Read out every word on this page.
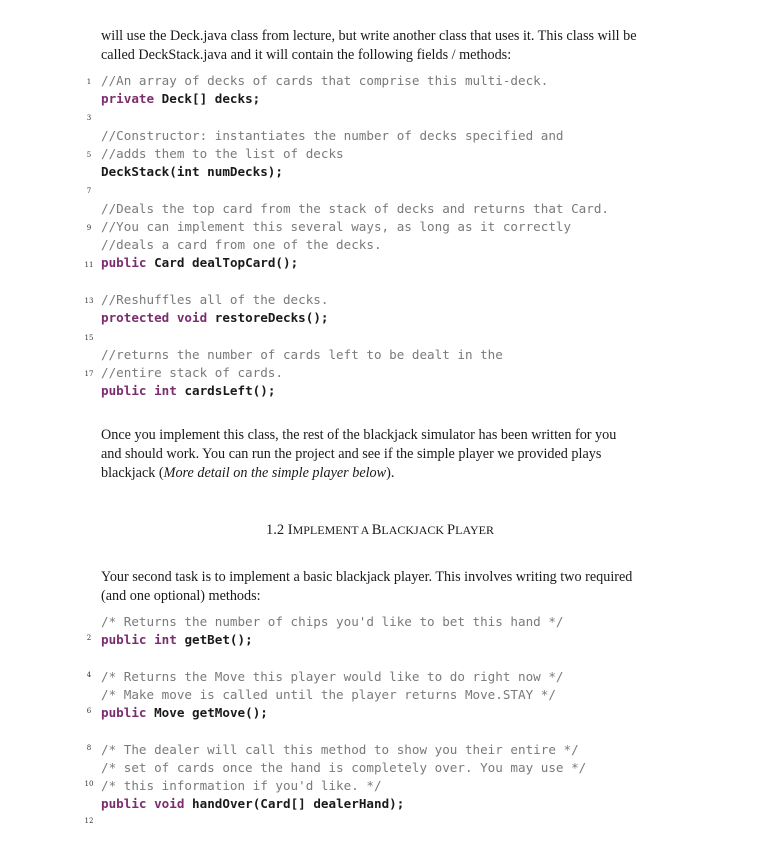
will use the Deck.java class from lecture, but write another class that uses it. This class will be
called DeckStack.java and it will contain the following fields / methods:
1
3
5
7
9
11
13
15
17
//An array of decks of cards that comprise this multi-deck.
private Deck[] decks;
//Constructor: instantiates the number of decks specified and
//adds them to the list of decks
DeckStack(int numDecks);
//Deals the top card from the stack of decks and returns that Card.
//You can implement this several ways, as long as it correctly
//deals a card from one of the decks.
public Card dealTopCard();
//Reshuffles all of the decks.
protected void restoreDecks();
//returns the number of cards left to be dealt in the
//entire stack of cards.
public int cardsLeft();
Once you implement this class, the rest of the blackjack simulator has been written for you
and should work. You can run the project and see if the simple player we provided plays
blackjack (More detail on the simple player below).
1.2 IMPLEMENT A BLACKJACK PLAYER
Your second task is to implement a basic blackjack player. This involves writing two required
(and one optional) methods:
2
4
6
8
10
12
/* Returns the number of chips you'd like to bet this hand */
public int getBet();
/* Returns the Move this player would like to do right now */
/* Make move is called until the player returns Move.STAY */
public Move getMove();
/* The dealer will call this method to show you their entire */
/* set of cards once the hand is completely over. You may use */
/* this information if you'd like. */
public void handOver(Card[] dealerHand);
